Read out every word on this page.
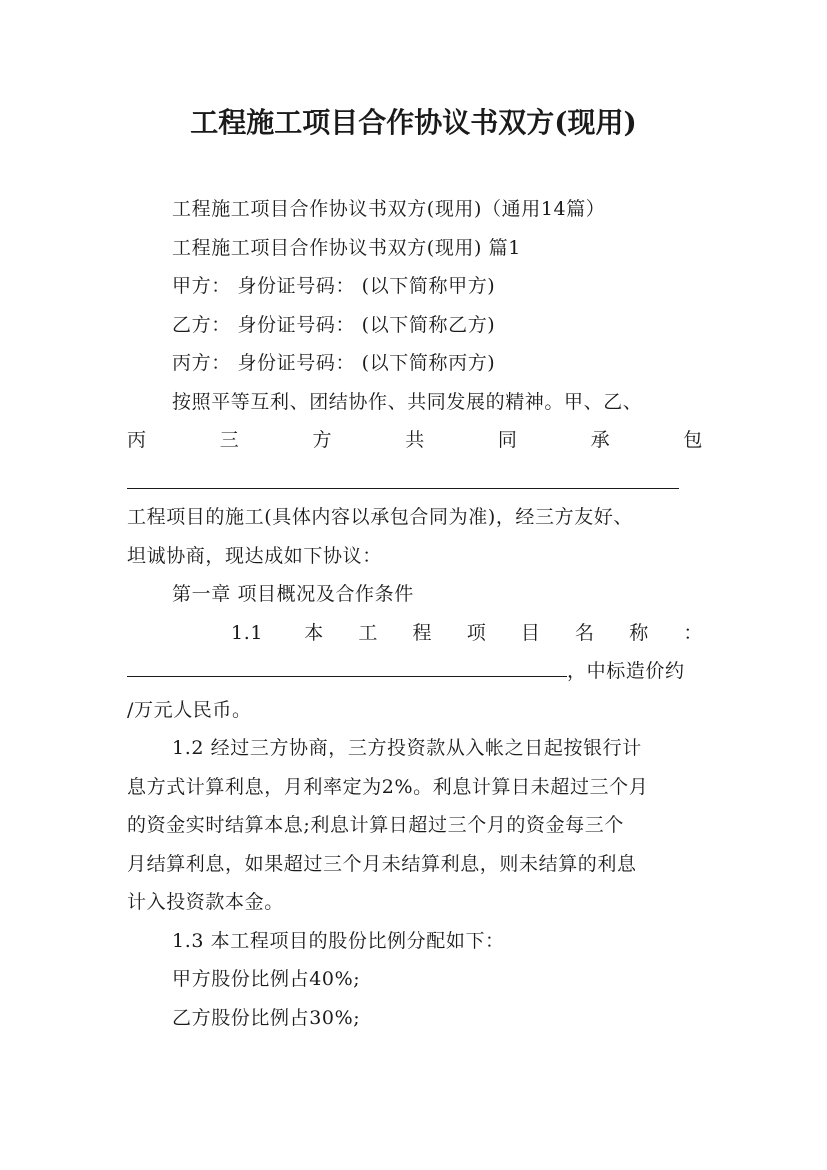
工程施工项目合作协议书双方(现用)

工程施工项目合作协议书双方(现用)（通用14篇）

工程施工项目合作协议书双方(现用) 篇1

甲方： 身份证号码： (以下简称甲方)

乙方： 身份证号码： (以下简称乙方)

丙方： 身份证号码： (以下简称丙方)

按照平等互利、团结协作、共同发展的精神。甲、乙、

丙三方共同承包

工程项目的施工(具体内容以承包合同为准)，经三方友好、

坦诚协商，现达成如下协议：

第一章 项目概况及合作条件

1.1 本工程项目名称：

，中标造价约

/万元人民币。

1.2 经过三方协商，三方投资款从入帐之日起按银行计

息方式计算利息，月利率定为2%。利息计算日未超过三个月

的资金实时结算本息;利息计算日超过三个月的资金每三个

月结算利息，如果超过三个月未结算利息，则未结算的利息

计入投资款本金。

1.3 本工程项目的股份比例分配如下：

甲方股份比例占40%;

乙方股份比例占30%;
